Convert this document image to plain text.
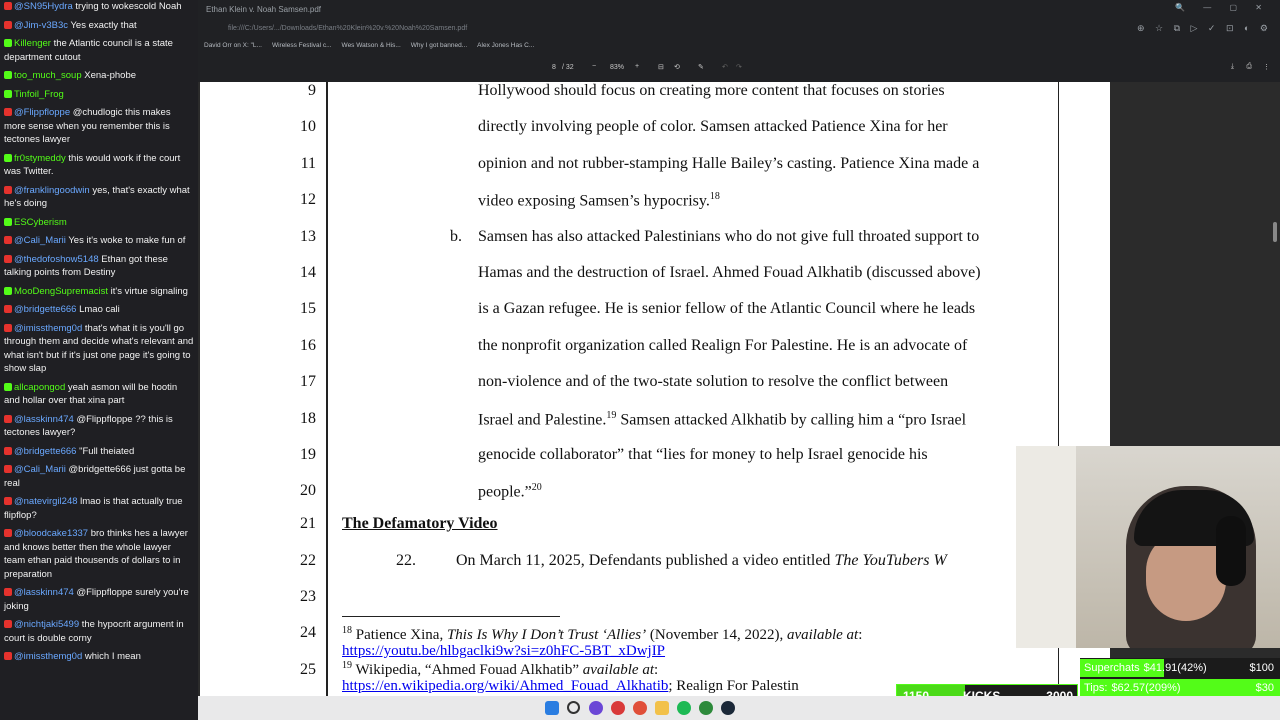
@SN95Hydra trying to wokescold Noah
@Jim-v3B3c Yes exactly that
Killenger the Atlantic council is a state department cutout
too_much_soup Xena-phobe
Tinfoil_Frog
@Flippfloppe @chudlogic this makes more sense when you remember this is tectones lawyer
fr0stymeddy this would work if the court was Twitter.
@franklingoodwin yes, that's exactly what he's doing
ESCyberism
@Cali_Marii Yes it's woke to make fun of
@thedofoshow5148 Ethan got these talking points from Destiny
MooDengSupremacist it's virtue signaling
@bridgette666 Lmao cali
@imissthemg0d that's what it is you'll go through them and decide what's relevant and what isn't but if it's just one page it's going to show slap
allcapongod yeah asmon will be hootin and hollar over that xina part
@lasskinn474 @Flippfloppe ?? this is tectones lawyer?
@bridgette666 "Full theiated
@Cali_Marii @bridgette666 just gotta be real
@natevirgil248 lmao is that actually true flipflop?
@bloodcake1337 bro thinks hes a lawyer and knows better then the whole lawyer team ethan paid thousends of dollars to in preparation
@lasskinn474 @Flippfloppe surely you're joking
@nichtjaki5499 the hypocrit argument in court is double corny
@imissthemg0d which I mean
Ethan Klein v. Noah Samsen.pdf	🔍 — ▢ ✕
file:///C:/Users/.../Downloads/Ethan%20Klein%20v.%20Noah%20Samsen.pdf	⊕ ☆ ⧉ ▷ ✓ ⊡ ◐ ⚙
David Orr on X: "L... Wireless Festival c... Wes Watson & His... Why I got banned... Alex Jones Has C...
8 / 32	− 83% +	⊟ ⟲	✎	↶ ↷	⤓ ⎙ ⋮
9	Hollywood should focus on creating more content that focuses on stories
10	directly involving people of color. Samsen attacked Patience Xina for her
11	opinion and not rubber-stamping Halle Bailey’s casting. Patience Xina made a
12	video exposing Samsen’s hypocrisy.$^{18}$
13	b. Samsen has also attacked Palestinians who do not give full throated support to
14	Hamas and the destruction of Israel. Ahmed Fouad Alkhatib (discussed above)
15	is a Gazan refugee. He is senior fellow of the Atlantic Council where he leads
16	the nonprofit organization called Realign For Palestine. He is an advocate of
17	non-violence and of the two-state solution to resolve the conflict between
18	Israel and Palestine.$^{19}$ Samsen attacked Alkhatib by calling him a “pro Israel
19	genocide collaborator” that “lies for money to help Israel genocide his
20	people.”$^{20}$
21 The Defamatory Video
22	22.	On March 11, 2025, Defendants published a video entitled The YouTubers W
23
24
25
$^{18}$ Patience Xina, This Is Why I Don’t Trust ‘Allies’ (November 14, 2022), available at:
https://youtu.be/hlbgaclki9w?si=z0hFC-5BT_xDwjIP
$^{19}$ Wikipedia, “Ahmed Fouad Alkhatib” available at:
https://en.wikipedia.org/wiki/Ahmed_Fouad_Alkhatib; Realign For Palestin
Superchats $41.91(42%)	$100
Tips: $62.57(209%)	$30
